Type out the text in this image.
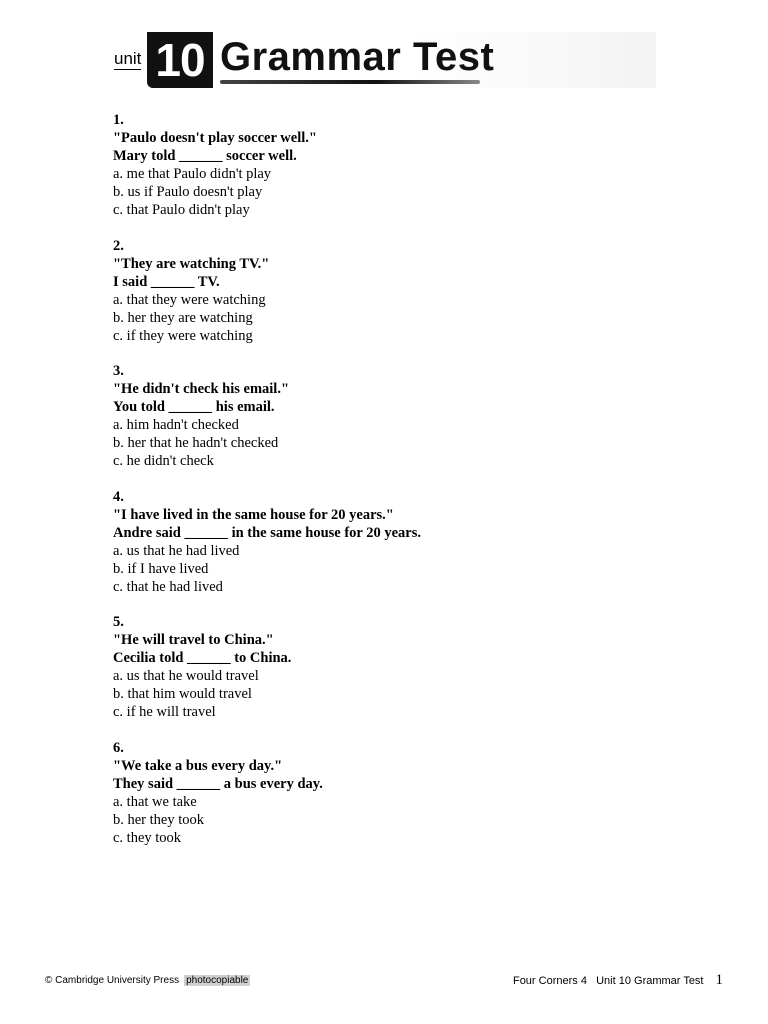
unit 10 Grammar Test
1.
"Paulo doesn't play soccer well."
Mary told ______ soccer well.
a. me that Paulo didn't play
b. us if Paulo doesn't play
c. that Paulo didn't play
2.
"They are watching TV."
I said ______ TV.
a. that they were watching
b. her they are watching
c. if they were watching
3.
"He didn't check his email."
You told ______ his email.
a. him hadn't checked
b. her that he hadn't checked
c. he didn't check
4.
"I have lived in the same house for 20 years."
Andre said ______ in the same house for 20 years.
a. us that he had lived
b. if I have lived
c. that he had lived
5.
"He will travel to China."
Cecilia told ______ to China.
a. us that he would travel
b. that him would travel
c. if he will travel
6.
"We take a bus every day."
They said ______ a bus every day.
a. that we take
b. her they took
c. they took
© Cambridge University Press photocopiable	Four Corners 4   Unit 10 Grammar Test 1
